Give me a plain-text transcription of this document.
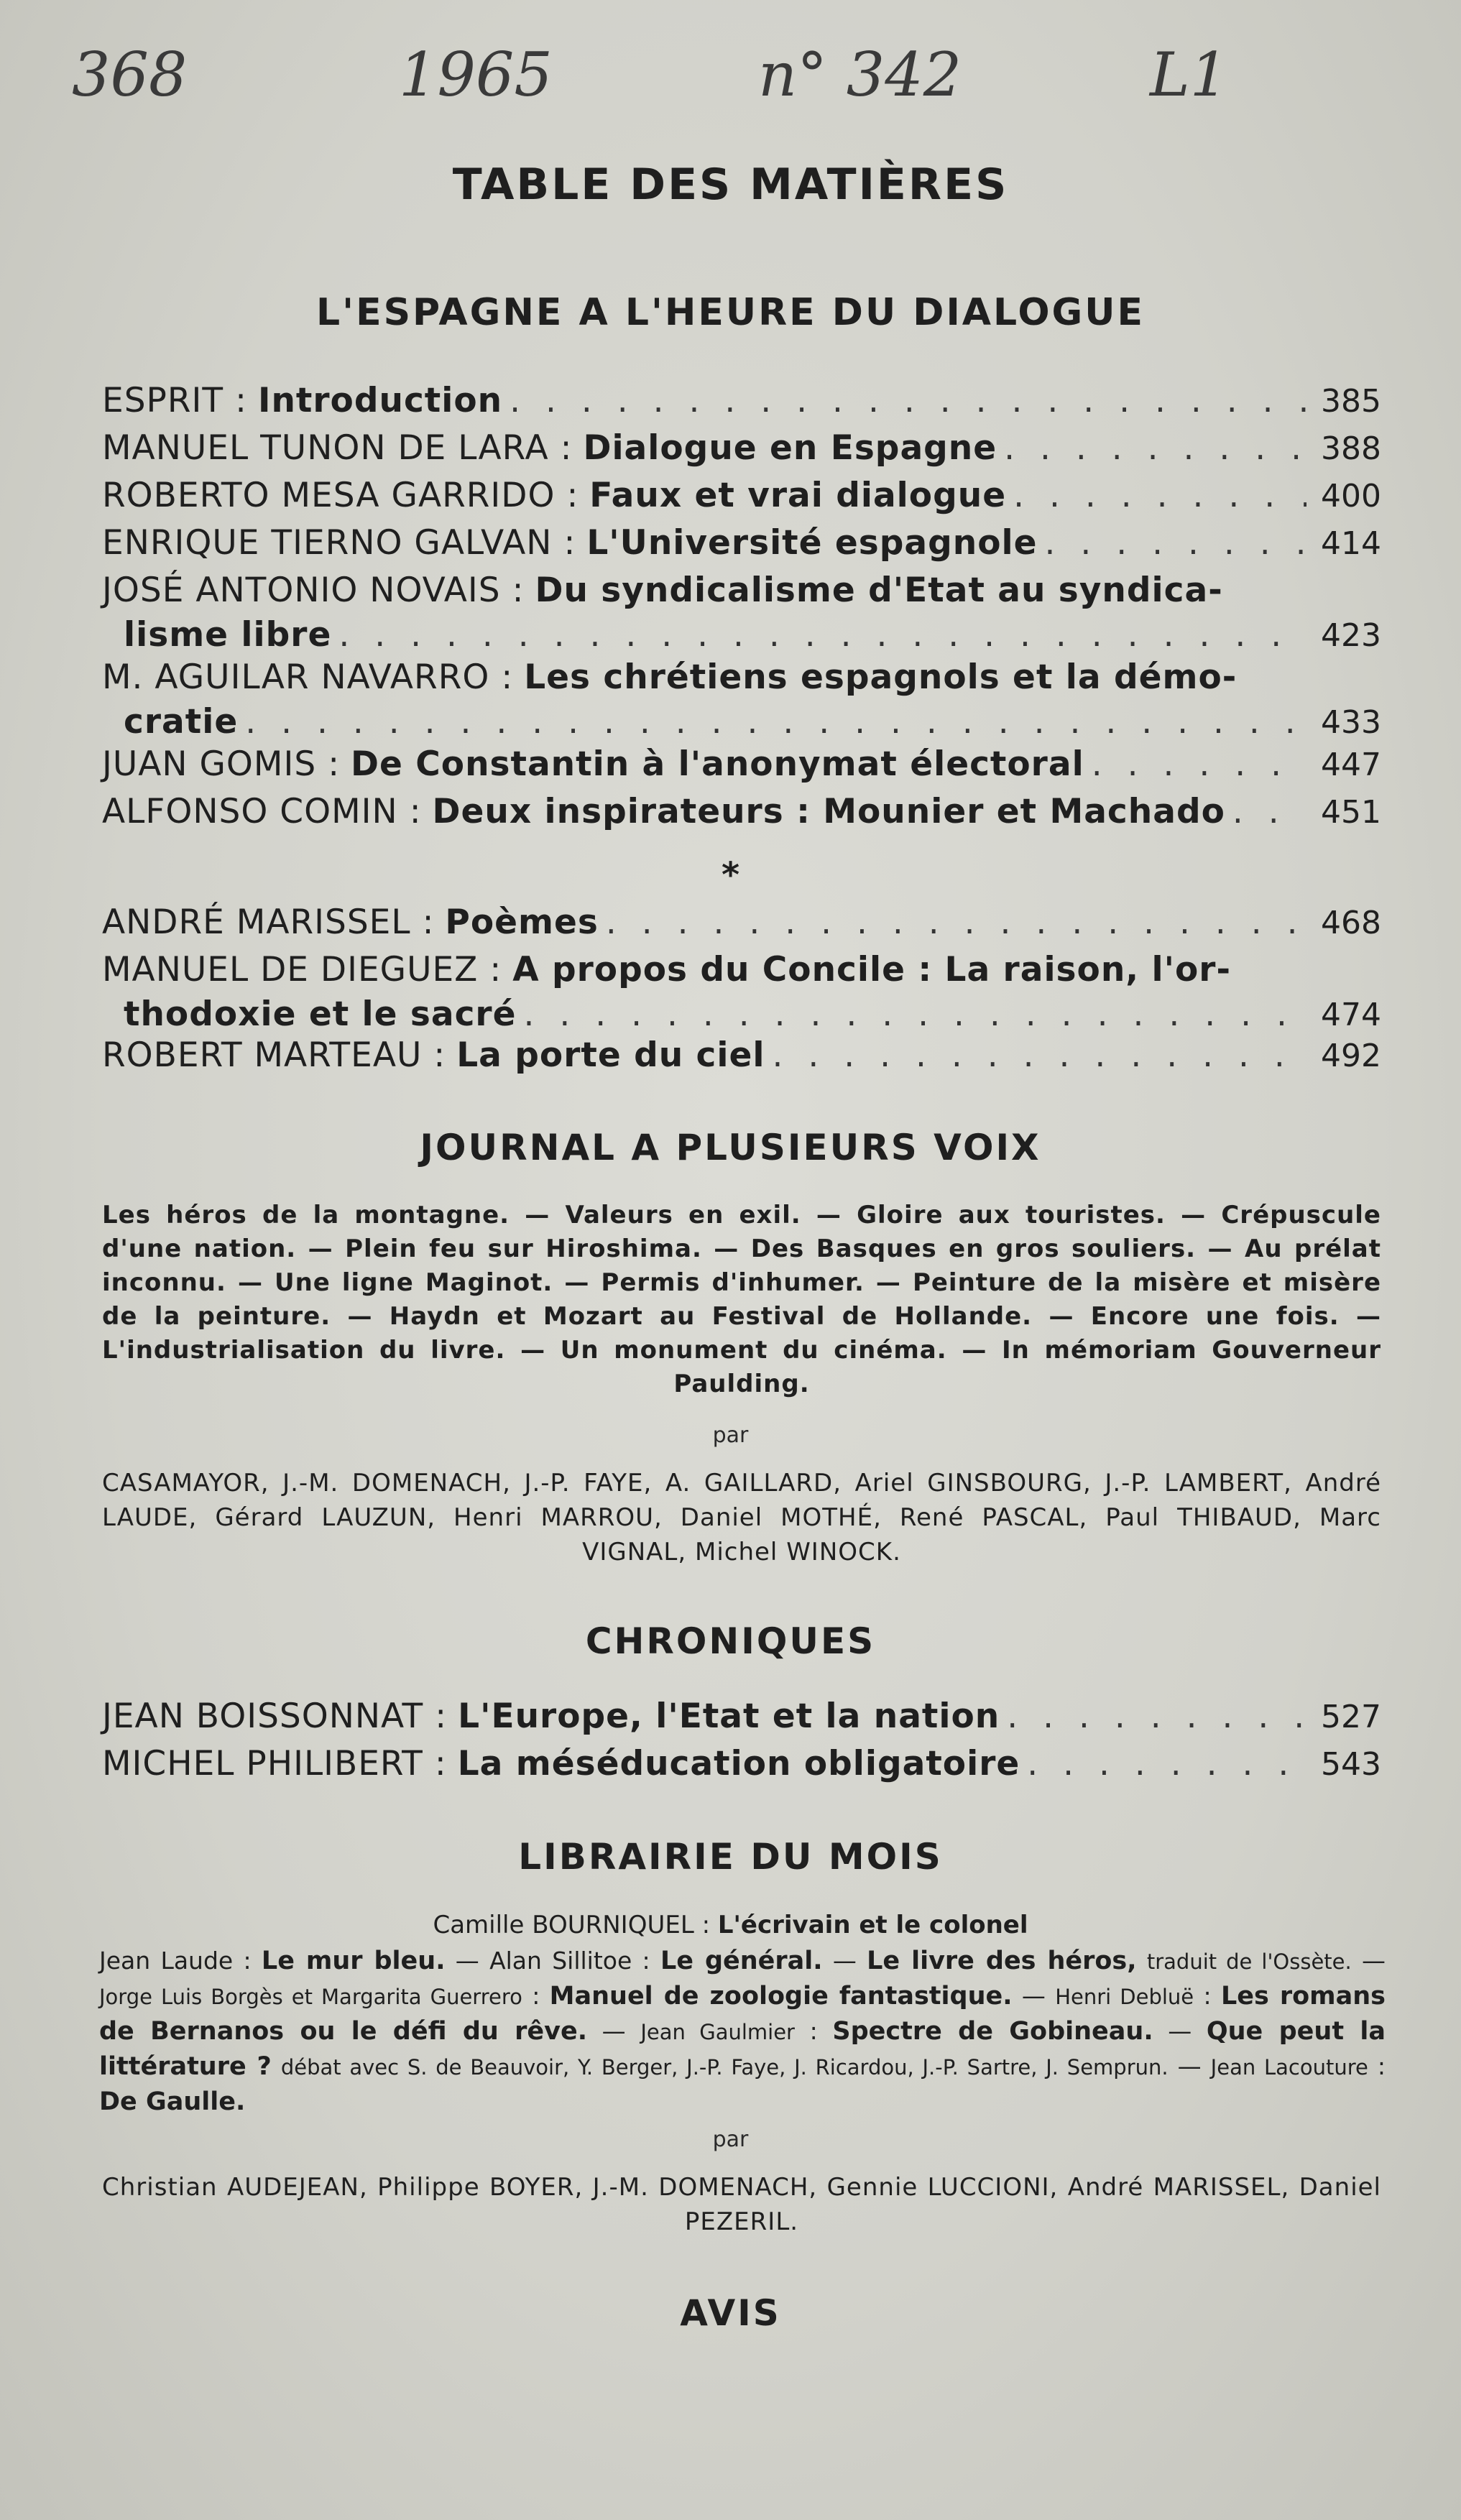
368	1965	n° 342	L1
TABLE DES MATIÈRES
L'ESPAGNE A L'HEURE DU DIALOGUE
ESPRIT : Introduction . . .	385
MANUEL TUNON DE LARA : Dialogue en Espagne . . .	388
ROBERTO MESA GARRIDO : Faux et vrai dialogue . . .	400
ENRIQUE TIERNO GALVAN : L'Université espagnole . . .	414
JOSÉ ANTONIO NOVAIS : Du syndicalisme d'Etat au syndica-
lisme libre . . .	423
M. AGUILAR NAVARRO : Les chrétiens espagnols et la démo-
cratie . . .	433
JUAN GOMIS : De Constantin à l'anonymat électoral . . .	447
ALFONSO COMIN : Deux inspirateurs : Mounier et Machado . . .	451
*
ANDRÉ MARISSEL : Poèmes . . .	468
MANUEL DE DIEGUEZ : A propos du Concile : La raison, l'or-
thodoxie et le sacré . . .	474
ROBERT MARTEAU : La porte du ciel . . .	492
JOURNAL A PLUSIEURS VOIX
Les héros de la montagne. — Valeurs en exil. — Gloire aux touristes. — Crépuscule d'une nation. — Plein feu sur Hiroshima. — Des Basques en gros souliers. — Au prélat inconnu. — Une ligne Maginot. — Permis d'inhumer. — Peinture de la misère et misère de la peinture. — Haydn et Mozart au Festival de Hollande. — Encore une fois. — L'industrialisation du livre. — Un monument du cinéma. — In mémoriam Gouverneur Paulding.
par
CASAMAYOR, J.-M. DOMENACH, J.-P. FAYE, A. GAILLARD, Ariel GINSBOURG, J.-P. LAMBERT, André LAUDE, Gérard LAUZUN, Henri MARROU, Daniel MOTHÉ, René PASCAL, Paul THIBAUD, Marc VIGNAL, Michel WINOCK.
CHRONIQUES
JEAN BOISSONNAT : L'Europe, l'Etat et la nation . . .	527
MICHEL PHILIBERT : La méséducation obligatoire . . .	543
LIBRAIRIE DU MOIS
Camille BOURNIQUEL : L'écrivain et le colonel
Jean Laude : Le mur bleu. — Alan Sillitoe : Le général. — Le livre des héros, traduit de l'Ossète. — Jorge Luis Borgès et Margarita Guerrero : Manuel de zoologie fantastique. — Henri Debluë : Les romans de Bernanos ou le défi du rêve. — Jean Gaulmier : Spectre de Gobineau. — Que peut la littérature ? débat avec S. de Beauvoir, Y. Berger, J.-P. Faye, J. Ricardou, J.-P. Sartre, J. Semprun. — Jean Lacouture : De Gaulle.
par
Christian AUDEJEAN, Philippe BOYER, J.-M. DOMENACH, Gennie LUCCIONI, André MARISSEL, Daniel PEZERIL.
AVIS
